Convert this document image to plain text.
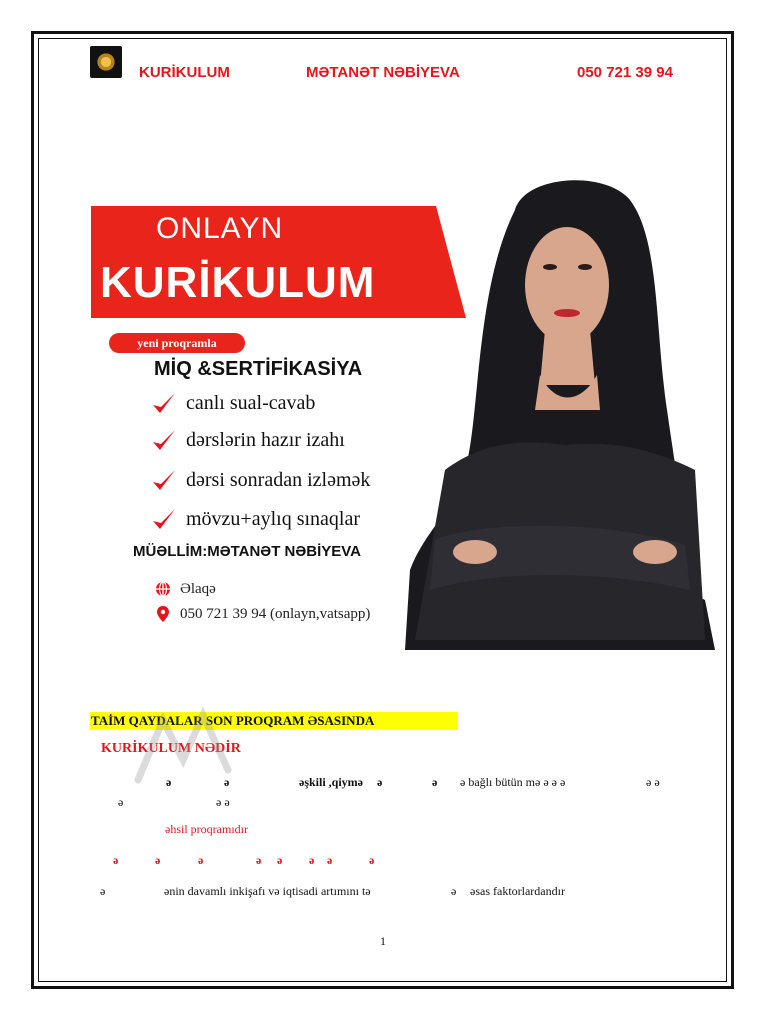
KURİKULUM	MƏTANƏT NƏBİYEVA	050 721 39 94
ONLAYN
KURİKULUM
yeni proqramla
MİQ &SERTİFİKASİYA
canlı sual-cavab
dərslərin hazır izahı
dərsi sonradan izləmək
mövzu+aylıq sınaqlar
MÜƏLLİM:MƏTANƏT NƏBİYEVA
Əlaqə
050 721 39 94 (onlayn,vatsapp)
TAİM QAYDALAR SON PROQRAM ƏSASINDA
KURİKULUM NƏDİR
ə	ə	əşkili ,qiymə ə	ə ə bağlı bütün mə ə ə ə	ə ə
ə	ə ə
əhsil proqramıdır
ə	ə	ə	ə ə ə ə	ə
ə	ənin davamlı inkişafı və iqtisadi artımını tə	ə əsas faktorlardandır
1
